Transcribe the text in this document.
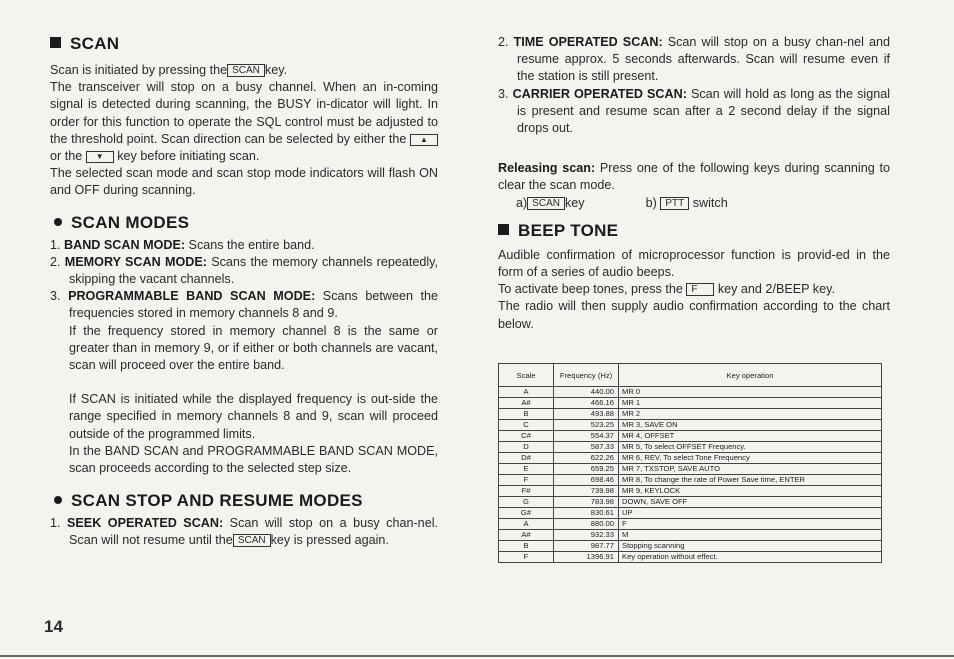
SCAN

Scan is initiated by pressing the SCAN key.

The transceiver will stop on a busy channel. When an in-coming signal is detected during scanning, the BUSY in-dicator will light. In order for this function to operate the SQL control must be adjusted to the threshold point. Scan direction can be selected by either the ▲ or the ▼ key before initiating scan.

The selected scan mode and scan stop mode indicators will flash ON and OFF during scanning.

SCAN MODES
1. BAND SCAN MODE: Scans the entire band.
2. MEMORY SCAN MODE: Scans the memory channels repeatedly, skipping the vacant channels.
3. PROGRAMMABLE BAND SCAN MODE: Scans between the frequencies stored in memory channels 8 and 9.

If the frequency stored in memory channel 8 is the same or greater than in memory 9, or if either or both channels are vacant, scan will proceed over the entire band.

If SCAN is initiated while the displayed frequency is out-side the range specified in memory channels 8 and 9, scan will proceed outside of the programmed limits.

In the BAND SCAN and PROGRAMMABLE BAND SCAN MODE, scan proceeds according to the selected step size.

SCAN STOP AND RESUME MODES
1. SEEK OPERATED SCAN: Scan will stop on a busy chan-nel. Scan will not resume until the SCAN key is pressed again.
2. TIME OPERATED SCAN: Scan will stop on a busy chan-nel and resume approx. 5 seconds afterwards. Scan will resume even if the station is still present.
3. CARRIER OPERATED SCAN: Scan will hold as long as the signal is present and resume scan after a 2 second delay if the signal drops out.

Releasing scan: Press one of the following keys during scanning to clear the scan mode.

a) SCAN key	b) PTT switch

BEEP TONE

Audible confirmation of microprocessor function is provid-ed in the form of a series of audio beeps.

To activate beep tones, press the F key and 2/BEEP key.

The radio will then supply audio confirmation according to the chart below.

Scale	Frequency (Hz)	Key operation
A	440.00	MR 0
A#	466.16	MR 1
B	493.88	MR 2
C	523.25	MR 3, SAVE ON
C#	554.37	MR 4, OFFSET
D	587.33	MR 5, To select OFFSET Frequency.
D#	622.26	MR 6, REV, To select Tone Frequency
E	659.25	MR 7, TXSTOP, SAVE AUTO
F	698.46	MR 8, To change the rate of Power Save time, ENTER
F#	739.98	MR 9, KEYLOCK
G	783.98	DOWN, SAVE OFF
G#	830.61	UP
A	880.00	F
A#	932.33	M
B	987.77	Stopping scanning
F	1396.91	Key operation without effect.
14
